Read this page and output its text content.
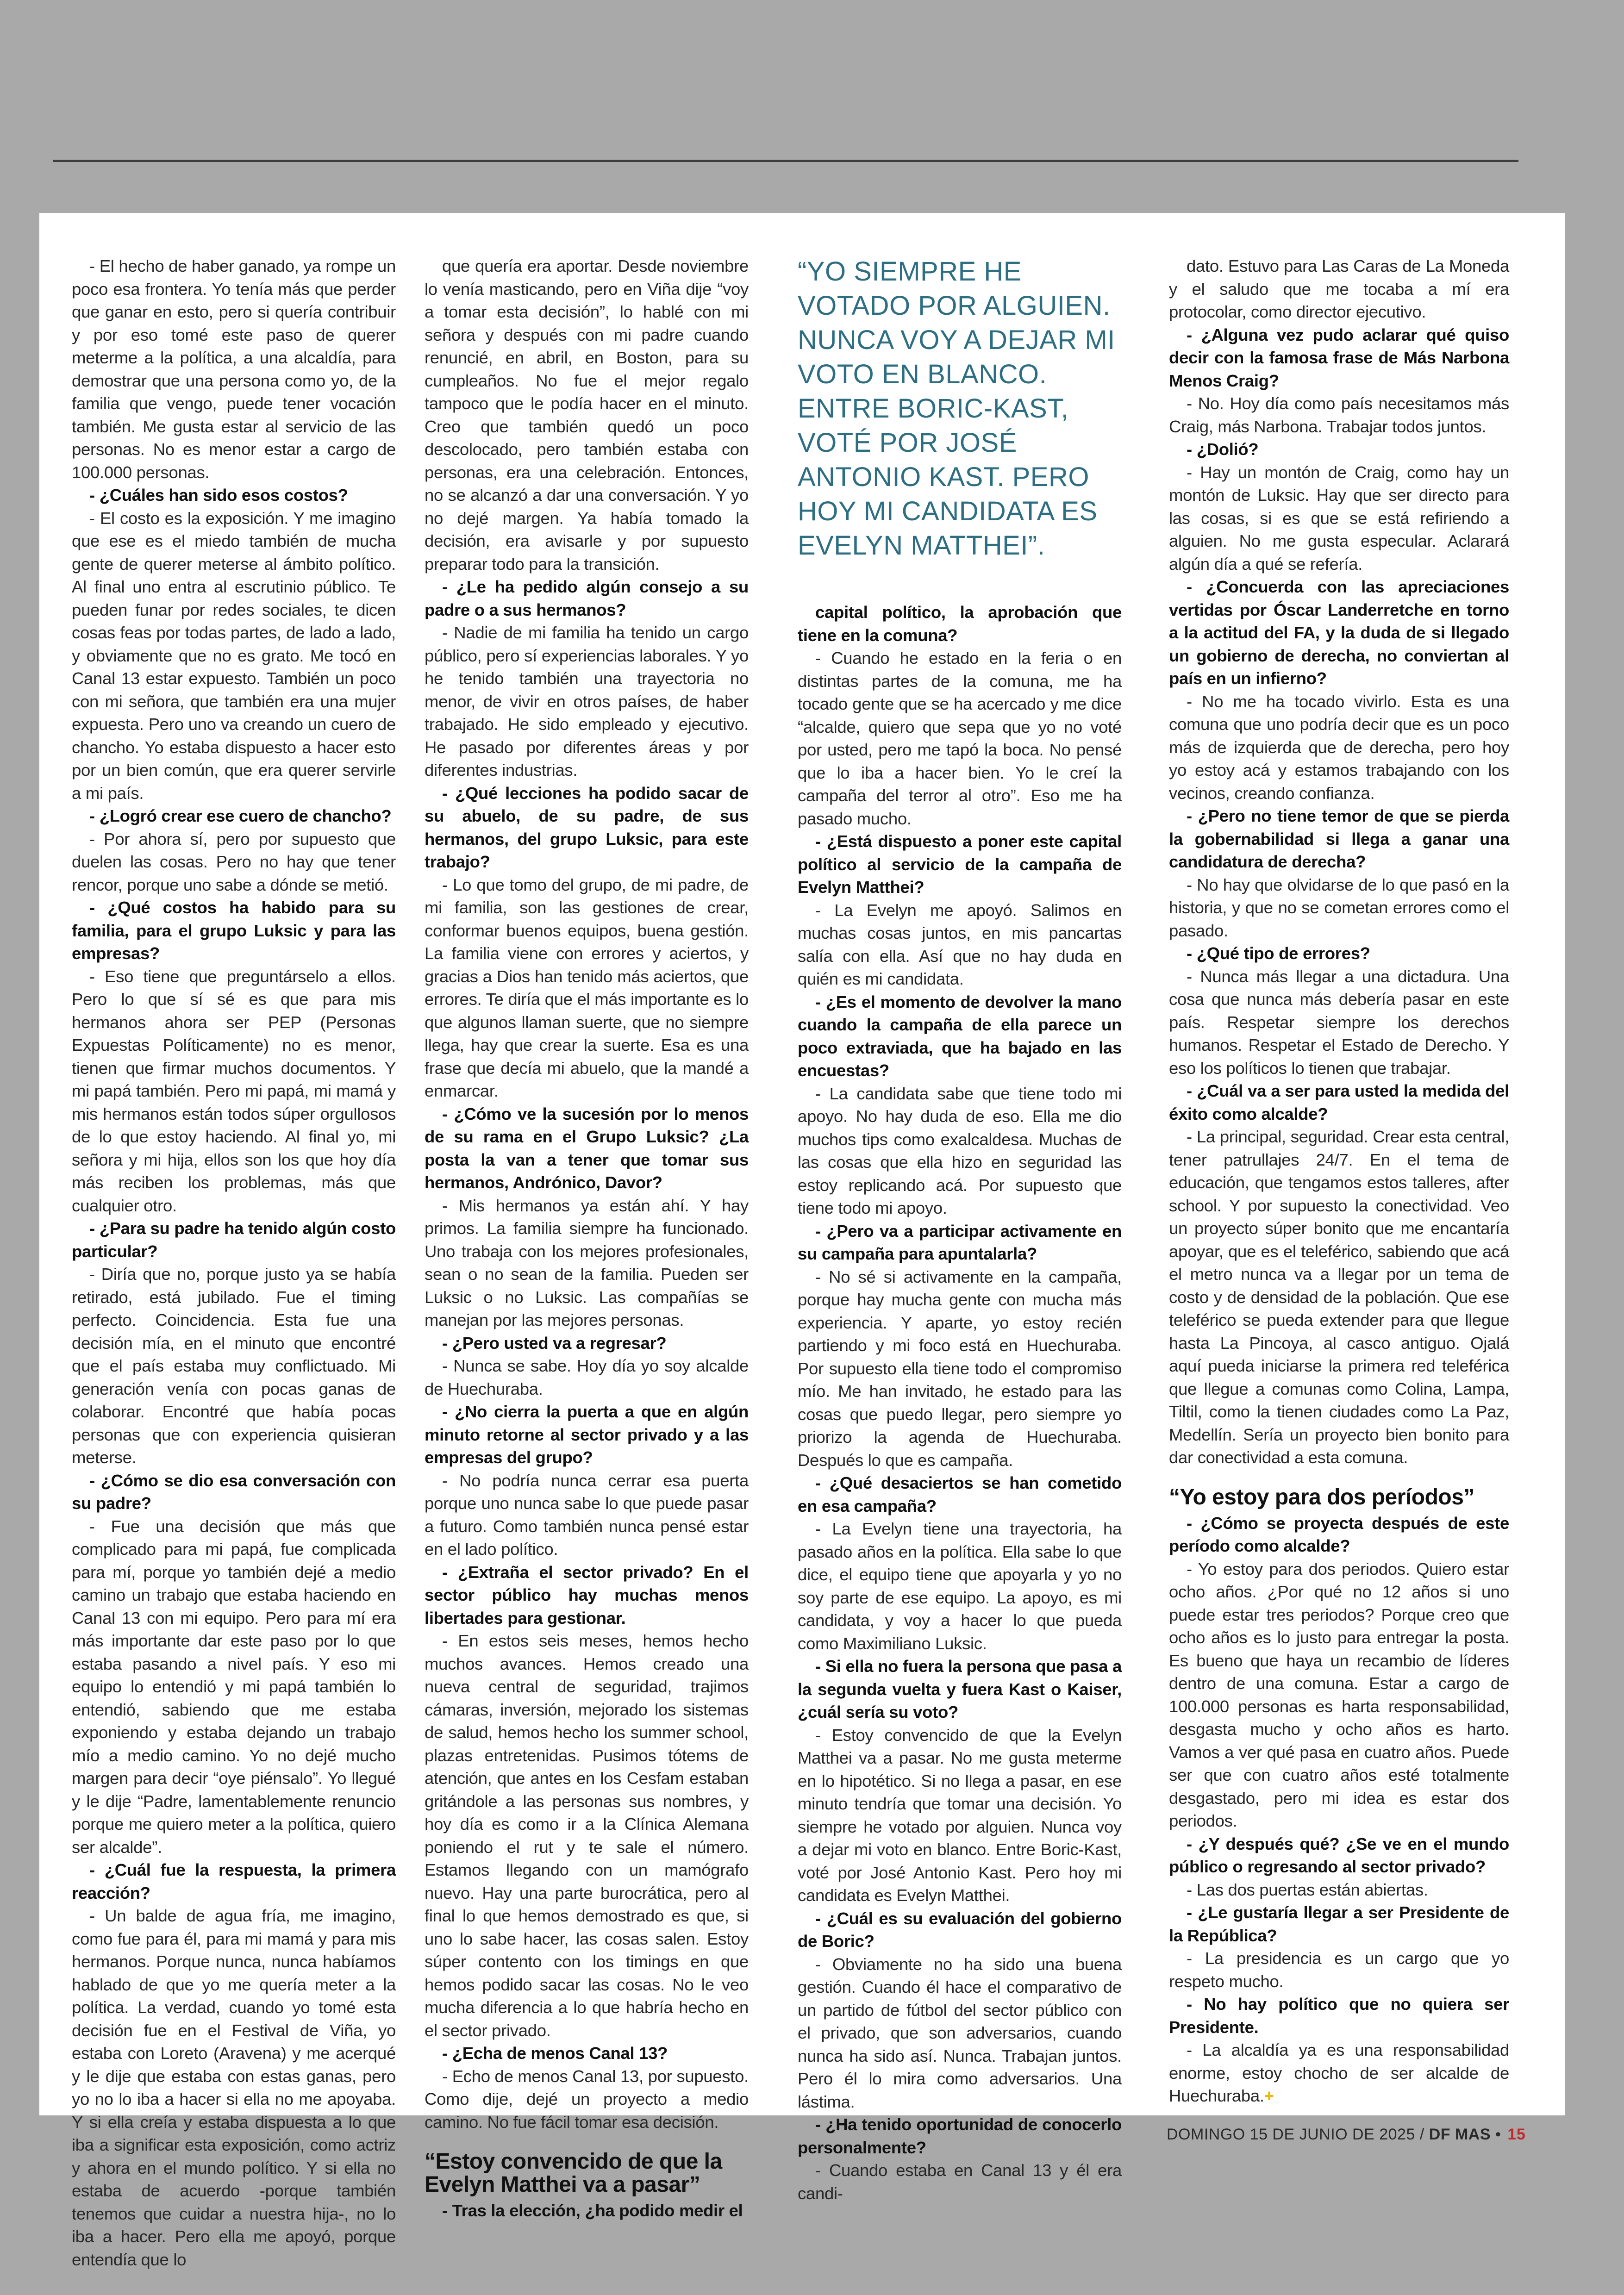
- El hecho de haber ganado, ya rompe un poco esa frontera. Yo tenía más que perder que ganar en esto, pero si quería contribuir y por eso tomé este paso de querer meterme a la política, a una alcaldía, para demostrar que una persona como yo, de la familia que vengo, puede tener vocación también. Me gusta estar al servicio de las personas. No es menor estar a cargo de 100.000 personas.

- ¿Cuáles han sido esos costos?

- El costo es la exposición. Y me imagino que ese es el miedo también de mucha gente de querer meterse al ámbito político. Al final uno entra al escrutinio público. Te pueden funar por redes sociales, te dicen cosas feas por todas partes, de lado a lado, y obviamente que no es grato. Me tocó en Canal 13 estar expuesto. También un poco con mi señora, que también era una mujer expuesta. Pero uno va creando un cuero de chancho. Yo estaba dispuesto a hacer esto por un bien común, que era querer servirle a mi país.

- ¿Logró crear ese cuero de chancho?

- Por ahora sí, pero por supuesto que duelen las cosas. Pero no hay que tener rencor, porque uno sabe a dónde se metió.

- ¿Qué costos ha habido para su familia, para el grupo Luksic y para las empresas?

- Eso tiene que preguntárselo a ellos. Pero lo que sí sé es que para mis hermanos ahora ser PEP (Personas Expuestas Políticamente) no es menor, tienen que firmar muchos documentos. Y mi papá también. Pero mi papá, mi mamá y mis hermanos están todos súper orgullosos de lo que estoy haciendo. Al final yo, mi señora y mi hija, ellos son los que hoy día más reciben los problemas, más que cualquier otro.

- ¿Para su padre ha tenido algún costo particular?

- Diría que no, porque justo ya se había retirado, está jubilado. Fue el timing perfecto. Coincidencia. Esta fue una decisión mía, en el minuto que encontré que el país estaba muy conflictuado. Mi generación venía con pocas ganas de colaborar. Encontré que había pocas personas que con experiencia quisieran meterse.

- ¿Cómo se dio esa conversación con su padre?

- Fue una decisión que más que complicado para mi papá, fue complicada para mí, porque yo también dejé a medio camino un trabajo que estaba haciendo en Canal 13 con mi equipo. Pero para mí era más importante dar este paso por lo que estaba pasando a nivel país. Y eso mi equipo lo entendió y mi papá también lo entendió, sabiendo que me estaba exponiendo y estaba dejando un trabajo mío a medio camino. Yo no dejé mucho margen para decir “oye piénsalo”. Yo llegué y le dije “Padre, lamentablemente renuncio porque me quiero meter a la política, quiero ser alcalde”.

- ¿Cuál fue la respuesta, la primera reacción?

- Un balde de agua fría, me imagino, como fue para él, para mi mamá y para mis hermanos. Porque nunca, nunca habíamos hablado de que yo me quería meter a la política. La verdad, cuando yo tomé esta decisión fue en el Festival de Viña, yo estaba con Loreto (Aravena) y me acerqué y le dije que estaba con estas ganas, pero yo no lo iba a hacer si ella no me apoyaba. Y si ella creía y estaba dispuesta a lo que iba a significar esta exposición, como actriz y ahora en el mundo político. Y si ella no estaba de acuerdo -porque también tenemos que cuidar a nuestra hija-, no lo iba a hacer. Pero ella me apoyó, porque entendía que lo

que quería era aportar. Desde noviembre lo venía masticando, pero en Viña dije “voy a tomar esta decisión”, lo hablé con mi señora y después con mi padre cuando renuncié, en abril, en Boston, para su cumpleaños. No fue el mejor regalo tampoco que le podía hacer en el minuto. Creo que también quedó un poco descolocado, pero también estaba con personas, era una celebración. Entonces, no se alcanzó a dar una conversación. Y yo no dejé margen. Ya había tomado la decisión, era avisarle y por supuesto preparar todo para la transición.

- ¿Le ha pedido algún consejo a su padre o a sus hermanos?

- Nadie de mi familia ha tenido un cargo público, pero sí experiencias laborales. Y yo he tenido también una trayectoria no menor, de vivir en otros países, de haber trabajado. He sido empleado y ejecutivo. He pasado por diferentes áreas y por diferentes industrias.

- ¿Qué lecciones ha podido sacar de su abuelo, de su padre, de sus hermanos, del grupo Luksic, para este trabajo?

- Lo que tomo del grupo, de mi padre, de mi familia, son las gestiones de crear, conformar buenos equipos, buena gestión. La familia viene con errores y aciertos, y gracias a Dios han tenido más aciertos, que errores. Te diría que el más importante es lo que algunos llaman suerte, que no siempre llega, hay que crear la suerte. Esa es una frase que decía mi abuelo, que la mandé a enmarcar.

- ¿Cómo ve la sucesión por lo menos de su rama en el Grupo Luksic? ¿La posta la van a tener que tomar sus hermanos, Andrónico, Davor?

- Mis hermanos ya están ahí. Y hay primos. La familia siempre ha funcionado. Uno trabaja con los mejores profesionales, sean o no sean de la familia. Pueden ser Luksic o no Luksic. Las compañías se manejan por las mejores personas.

- ¿Pero usted va a regresar?

- Nunca se sabe. Hoy día yo soy alcalde de Huechuraba.

- ¿No cierra la puerta a que en algún minuto retorne al sector privado y a las empresas del grupo?

- No podría nunca cerrar esa puerta porque uno nunca sabe lo que puede pasar a futuro. Como también nunca pensé estar en el lado político.

- ¿Extraña el sector privado? En el sector público hay muchas menos libertades para gestionar.

- En estos seis meses, hemos hecho muchos avances. Hemos creado una nueva central de seguridad, trajimos cámaras, inversión, mejorado los sistemas de salud, hemos hecho los summer school, plazas entretenidas. Pusimos tótems de atención, que antes en los Cesfam estaban gritándole a las personas sus nombres, y hoy día es como ir a la Clínica Alemana poniendo el rut y te sale el número. Estamos llegando con un mamógrafo nuevo. Hay una parte burocrática, pero al final lo que hemos demostrado es que, si uno lo sabe hacer, las cosas salen. Estoy súper contento con los timings en que hemos podido sacar las cosas. No le veo mucha diferencia a lo que habría hecho en el sector privado.

- ¿Echa de menos Canal 13?

- Echo de menos Canal 13, por supuesto. Como dije, dejé un proyecto a medio camino. No fue fácil tomar esa decisión.

“Estoy convencido de que la Evelyn Matthei va a pasar”

- Tras la elección, ¿ha podido medir el

“YO SIEMPRE HE VOTADO POR ALGUIEN. NUNCA VOY A DEJAR MI VOTO EN BLANCO. ENTRE BORIC-KAST, VOTÉ POR JOSÉ ANTONIO KAST. PERO HOY MI CANDIDATA ES EVELYN MATTHEI”.

capital político, la aprobación que tiene en la comuna?

- Cuando he estado en la feria o en distintas partes de la comuna, me ha tocado gente que se ha acercado y me dice “alcalde, quiero que sepa que yo no voté por usted, pero me tapó la boca. No pensé que lo iba a hacer bien. Yo le creí la campaña del terror al otro”. Eso me ha pasado mucho.

- ¿Está dispuesto a poner este capital político al servicio de la campaña de Evelyn Matthei?

- La Evelyn me apoyó. Salimos en muchas cosas juntos, en mis pancartas salía con ella. Así que no hay duda en quién es mi candidata.

- ¿Es el momento de devolver la mano cuando la campaña de ella parece un poco extraviada, que ha bajado en las encuestas?

- La candidata sabe que tiene todo mi apoyo. No hay duda de eso. Ella me dio muchos tips como exalcaldesa. Muchas de las cosas que ella hizo en seguridad las estoy replicando acá. Por supuesto que tiene todo mi apoyo.

- ¿Pero va a participar activamente en su campaña para apuntalarla?

- No sé si activamente en la campaña, porque hay mucha gente con mucha más experiencia. Y aparte, yo estoy recién partiendo y mi foco está en Huechuraba. Por supuesto ella tiene todo el compromiso mío. Me han invitado, he estado para las cosas que puedo llegar, pero siempre yo priorizo la agenda de Huechuraba. Después lo que es campaña.

- ¿Qué desaciertos se han cometido en esa campaña?

- La Evelyn tiene una trayectoria, ha pasado años en la política. Ella sabe lo que dice, el equipo tiene que apoyarla y yo no soy parte de ese equipo. La apoyo, es mi candidata, y voy a hacer lo que pueda como Maximiliano Luksic.

- Si ella no fuera la persona que pasa a la segunda vuelta y fuera Kast o Kaiser, ¿cuál sería su voto?

- Estoy convencido de que la Evelyn Matthei va a pasar. No me gusta meterme en lo hipotético. Si no llega a pasar, en ese minuto tendría que tomar una decisión. Yo siempre he votado por alguien. Nunca voy a dejar mi voto en blanco. Entre Boric-Kast, voté por José Antonio Kast. Pero hoy mi candidata es Evelyn Matthei.

- ¿Cuál es su evaluación del gobierno de Boric?

- Obviamente no ha sido una buena gestión. Cuando él hace el comparativo de un partido de fútbol del sector público con el privado, que son adversarios, cuando nunca ha sido así. Nunca. Trabajan juntos. Pero él lo mira como adversarios. Una lástima.

- ¿Ha tenido oportunidad de conocerlo personalmente?

- Cuando estaba en Canal 13 y él era candi-

dato. Estuvo para Las Caras de La Moneda y el saludo que me tocaba a mí era protocolar, como director ejecutivo.

- ¿Alguna vez pudo aclarar qué quiso decir con la famosa frase de Más Narbona Menos Craig?

- No. Hoy día como país necesitamos más Craig, más Narbona. Trabajar todos juntos.

- ¿Dolió?

- Hay un montón de Craig, como hay un montón de Luksic. Hay que ser directo para las cosas, si es que se está refiriendo a alguien. No me gusta especular. Aclarará algún día a qué se refería.

- ¿Concuerda con las apreciaciones vertidas por Óscar Landerretche en torno a la actitud del FA, y la duda de si llegado un gobierno de derecha, no conviertan al país en un infierno?

- No me ha tocado vivirlo. Esta es una comuna que uno podría decir que es un poco más de izquierda que de derecha, pero hoy yo estoy acá y estamos trabajando con los vecinos, creando confianza.

- ¿Pero no tiene temor de que se pierda la gobernabilidad si llega a ganar una candidatura de derecha?

- No hay que olvidarse de lo que pasó en la historia, y que no se cometan errores como el pasado.

- ¿Qué tipo de errores?

- Nunca más llegar a una dictadura. Una cosa que nunca más debería pasar en este país. Respetar siempre los derechos humanos. Respetar el Estado de Derecho. Y eso los políticos lo tienen que trabajar.

- ¿Cuál va a ser para usted la medida del éxito como alcalde?

- La principal, seguridad. Crear esta central, tener patrullajes 24/7. En el tema de educación, que tengamos estos talleres, after school. Y por supuesto la conectividad. Veo un proyecto súper bonito que me encantaría apoyar, que es el teleférico, sabiendo que acá el metro nunca va a llegar por un tema de costo y de densidad de la población. Que ese teleférico se pueda extender para que llegue hasta La Pincoya, al casco antiguo. Ojalá aquí pueda iniciarse la primera red teleférica que llegue a comunas como Colina, Lampa, Tiltil, como la tienen ciudades como La Paz, Medellín. Sería un proyecto bien bonito para dar conectividad a esta comuna.

“Yo estoy para dos períodos”

- ¿Cómo se proyecta después de este período como alcalde?

- Yo estoy para dos periodos. Quiero estar ocho años. ¿Por qué no 12 años si uno puede estar tres periodos? Porque creo que ocho años es lo justo para entregar la posta. Es bueno que haya un recambio de líderes dentro de una comuna. Estar a cargo de 100.000 personas es harta responsabilidad, desgasta mucho y ocho años es harto. Vamos a ver qué pasa en cuatro años. Puede ser que con cuatro años esté totalmente desgastado, pero mi idea es estar dos periodos.

- ¿Y después qué? ¿Se ve en el mundo público o regresando al sector privado?

- Las dos puertas están abiertas.

- ¿Le gustaría llegar a ser Presidente de la República?

- La presidencia es un cargo que yo respeto mucho.

- No hay político que no quiera ser Presidente.

- La alcaldía ya es una responsabilidad enorme, estoy chocho de ser alcalde de Huechuraba.+

DOMINGO 15 DE JUNIO DE 2025 / DF MAS • 15
